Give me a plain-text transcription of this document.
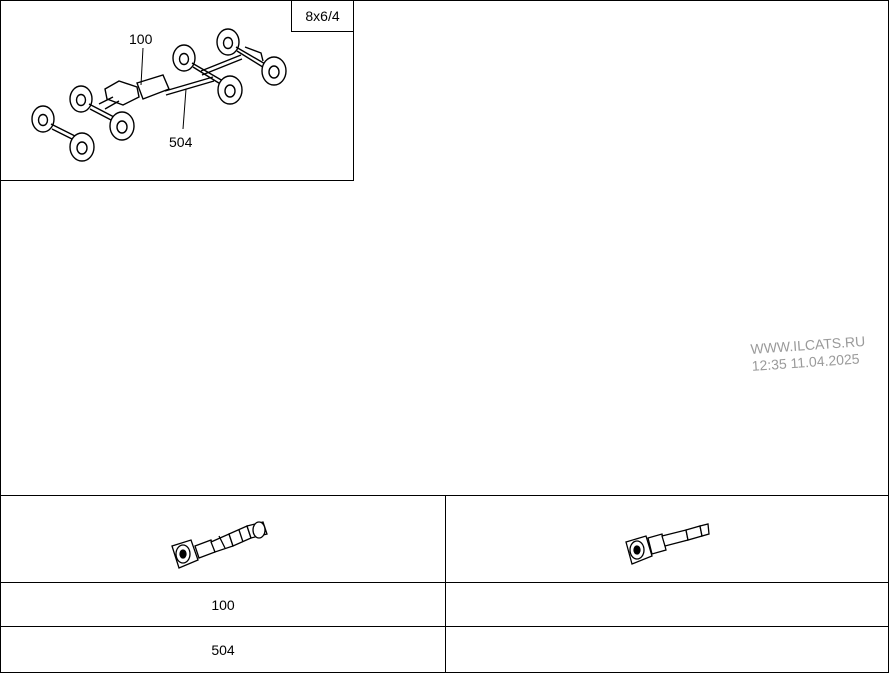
8x6/4
100
504
WWW.ILCATS.RU
12:35 11.04.2025
100
504
